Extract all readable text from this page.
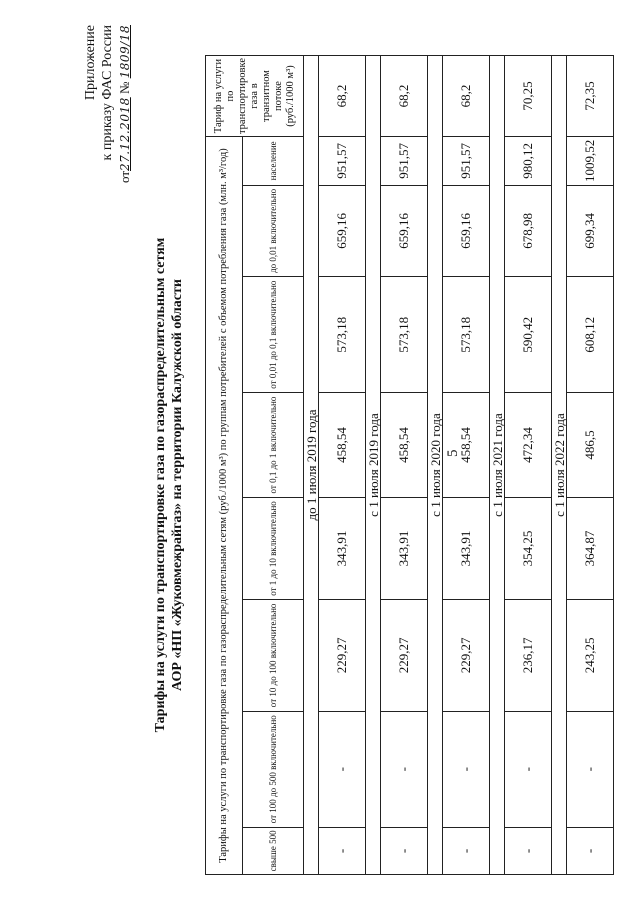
5
Приложение к приказу ФАС России
от27.12.2018 № 1809/18
Тарифы на услуги по транспортировке газа по газораспределительным сетям АОР «НП «Жуковмежрайгаз» на территории Калужской области	Тарифы на услуги по транспортировке газа по газораспределительным сетям (руб./1000 м³) по группам потребителей с объемом потребления газа (млн. м³/год)								Тариф на услуги по транспортировке газа в транзитном потоке (руб./1000 м³)
свыше 500	от 100 до 500 включительно	от 10 до 100 включительно	от 1 до 10 включительно	от 0,1 до 1 включительно	от 0,01 до 0,1 включительно	до 0,01 включительно	население	
до 1 июля 2019 года								
-	-	229,27	343,91	458,54	573,18	659,16	951,57	68,2
с 1 июля 2019 года								
-	-	229,27	343,91	458,54	573,18	659,16	951,57	68,2
с 1 июля 2020 года								
-	-	229,27	343,91	458,54	573,18	659,16	951,57	68,2
с 1 июля 2021 года								
-	-	236,17	354,25	472,34	590,42	678,98	980,12	70,25
с 1 июля 2022 года								
-	-	243,25	364,87	486,5	608,12	699,34	1009,52	72,35
